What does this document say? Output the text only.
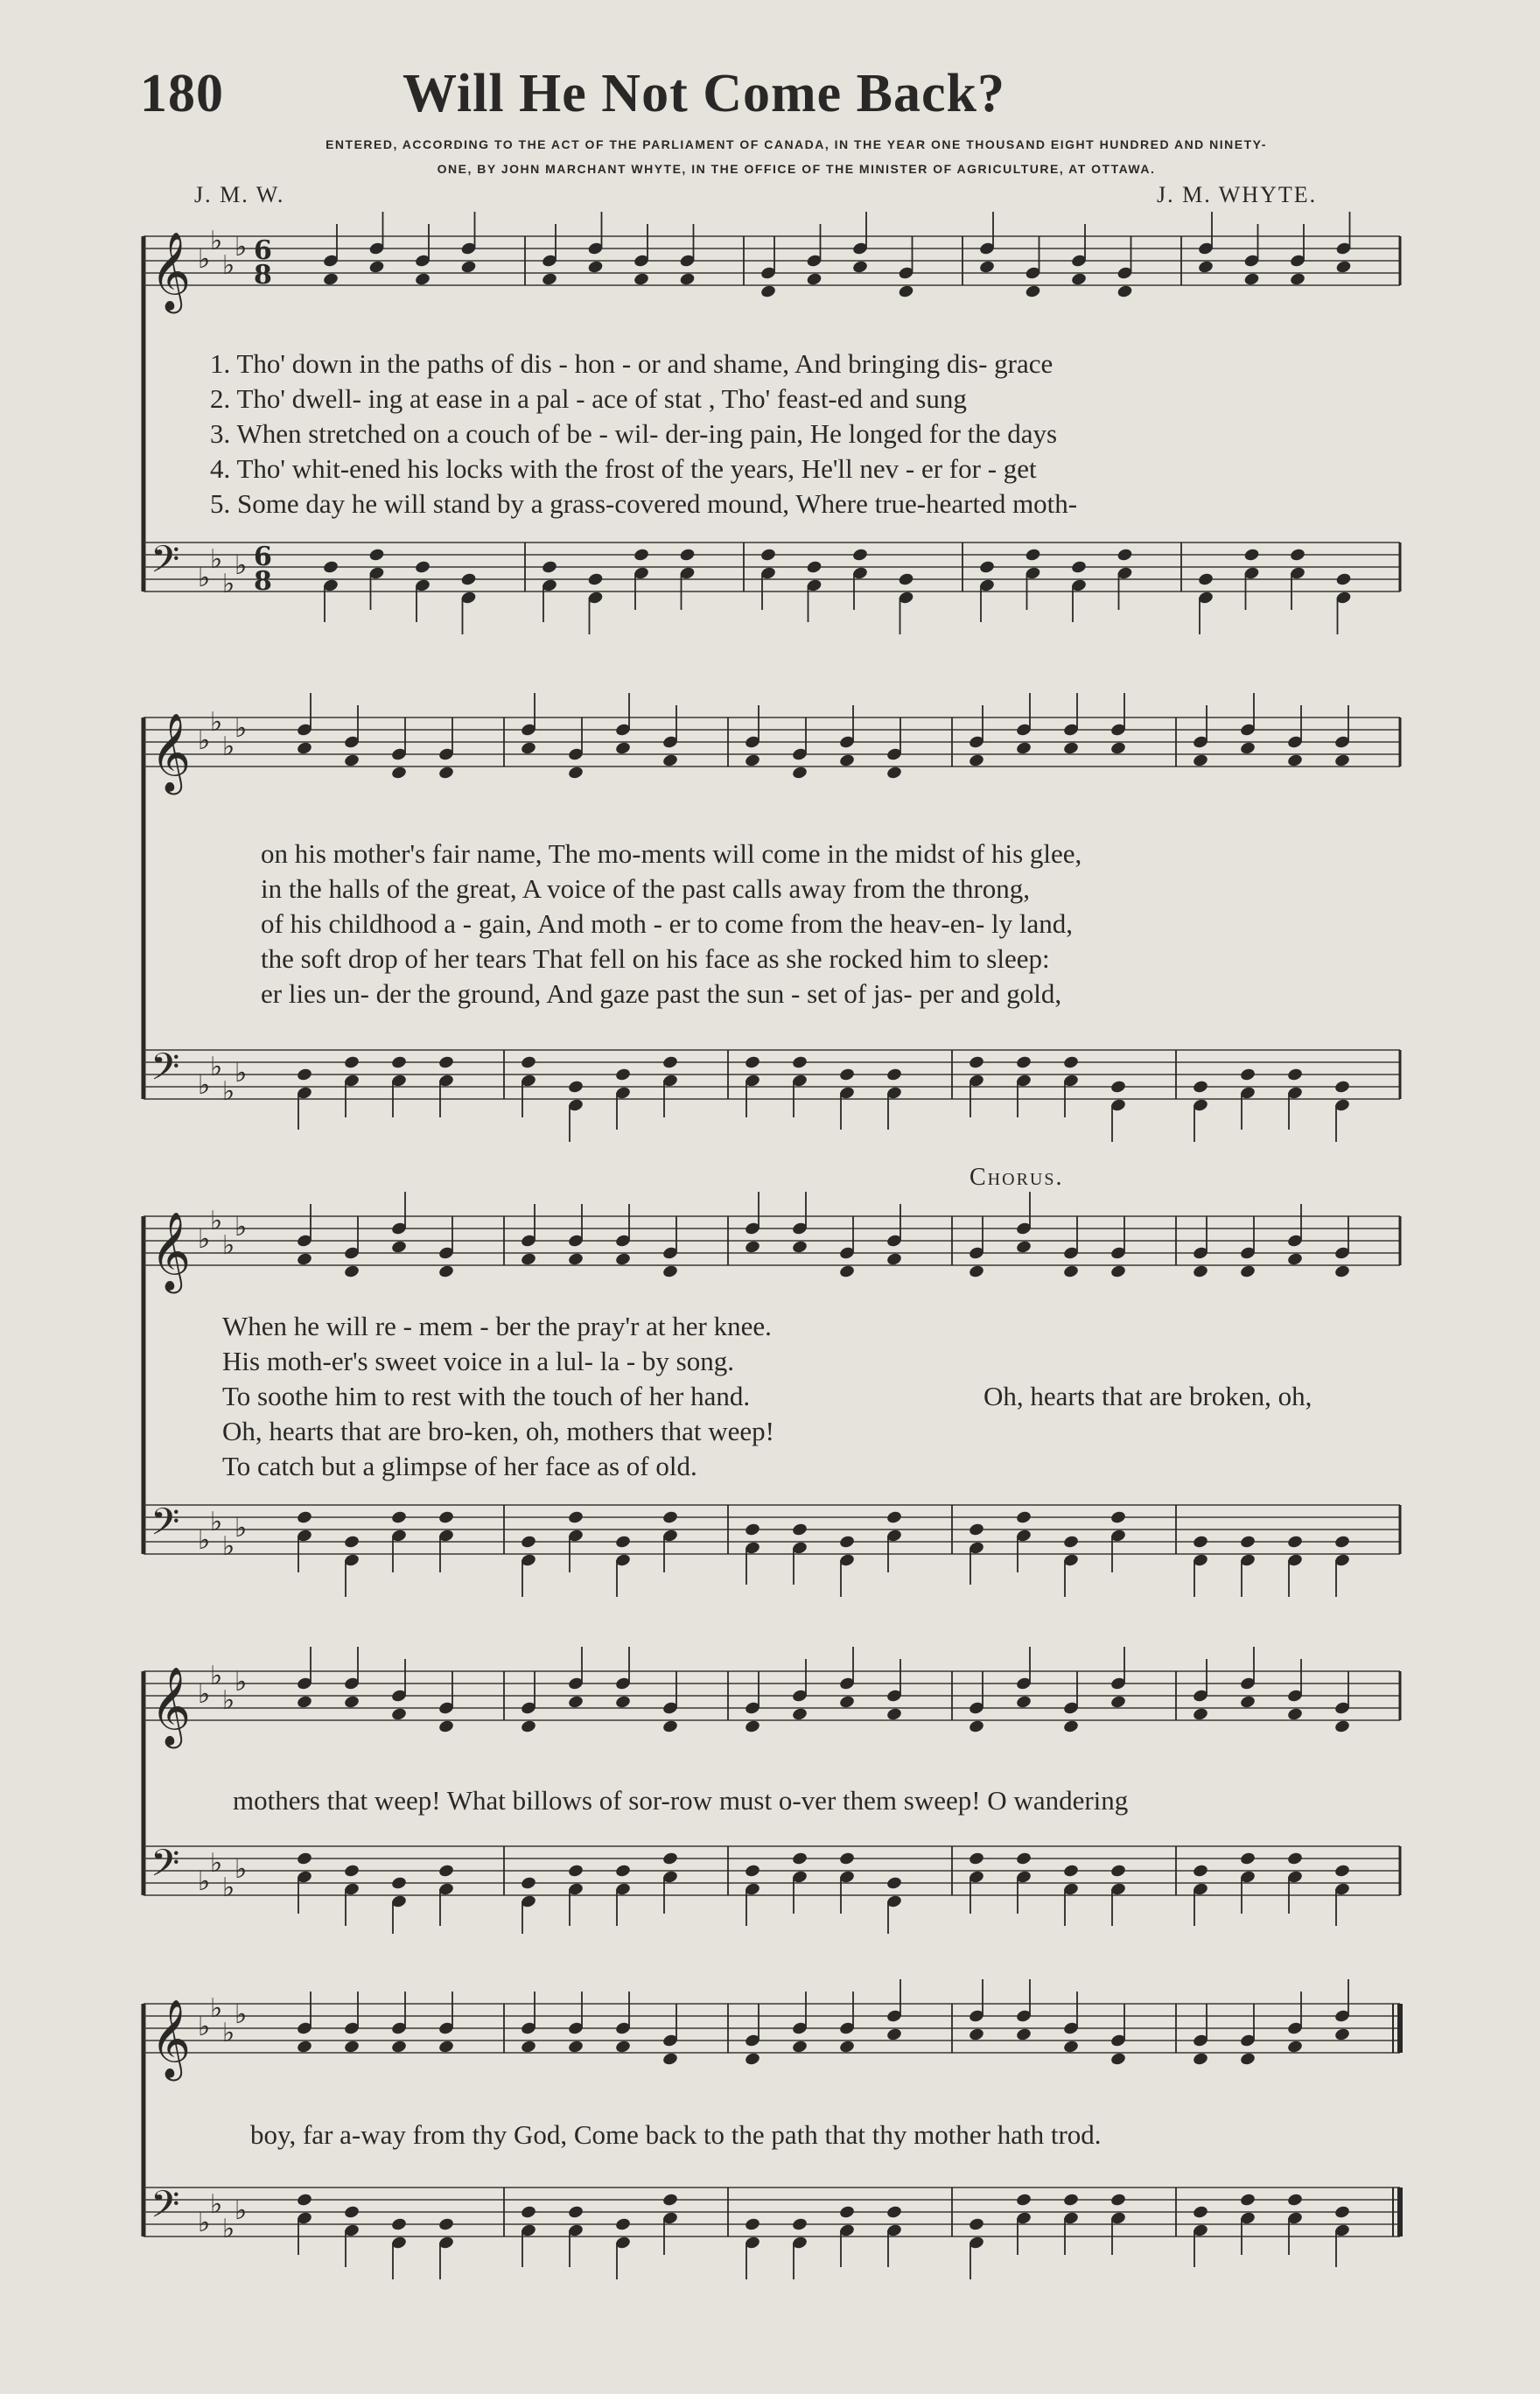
180	Will He Not Come Back?
ENTERED, ACCORDING TO THE ACT OF THE PARLIAMENT OF CANADA, IN THE YEAR ONE THOUSAND EIGHT HUNDRED AND NINETY-
ONE, BY JOHN MARCHANT WHYTE, IN THE OFFICE OF THE MINISTER OF AGRICULTURE, AT OTTAWA.
J. M. W.	J. M. WHYTE.
𝄞 ♭
♭
♭
♭ 6
8
𝄢 ♭
♭
♭
♭ 6
8
1. Tho' down in the paths of dis - hon - or and shame, And bringing dis- grace
2. Tho' dwell- ing at ease in a pal - ace of stat , Tho' feast-ed and sung
3. When stretched on a couch of be - wil- der-ing pain, He longed for the days
4. Tho' whit-ened his locks with the frost of the years, He'll nev - er for - get
5. Some day he will stand by a grass-covered mound, Where true-hearted moth-
𝄞 ♭
♭
♭
♭
𝄢 ♭
♭
♭
♭
on his mother's fair name, The mo-ments will come in the midst of his glee,
in the halls of the great, A voice of the past calls away from the throng,
of his childhood a - gain, And moth - er to come from the heav-en- ly land,
the soft drop of her tears That fell on his face as she rocked him to sleep:
er lies un- der the ground, And gaze past the sun - set of jas- per and gold,
Chorus.
𝄞 ♭
♭
♭
♭
𝄢 ♭
♭
♭
♭
When he will re - mem - ber the pray'r at her knee.
His moth-er's sweet voice in a lul- la - by song.
To soothe him to rest with the touch of her hand.
Oh, hearts that are bro-ken, oh, mothers that weep!
To catch but a glimpse of her face as of old.
Oh, hearts that are broken, oh,
𝄞 ♭
♭
♭
♭
𝄢 ♭
♭
♭
♭
mothers that weep! What billows of sor-row must o-ver them sweep! O wandering
𝄞 ♭
♭
♭
♭
𝄢 ♭
♭
♭
♭
boy, far a-way from thy God, Come back to the path that thy mother hath trod.
